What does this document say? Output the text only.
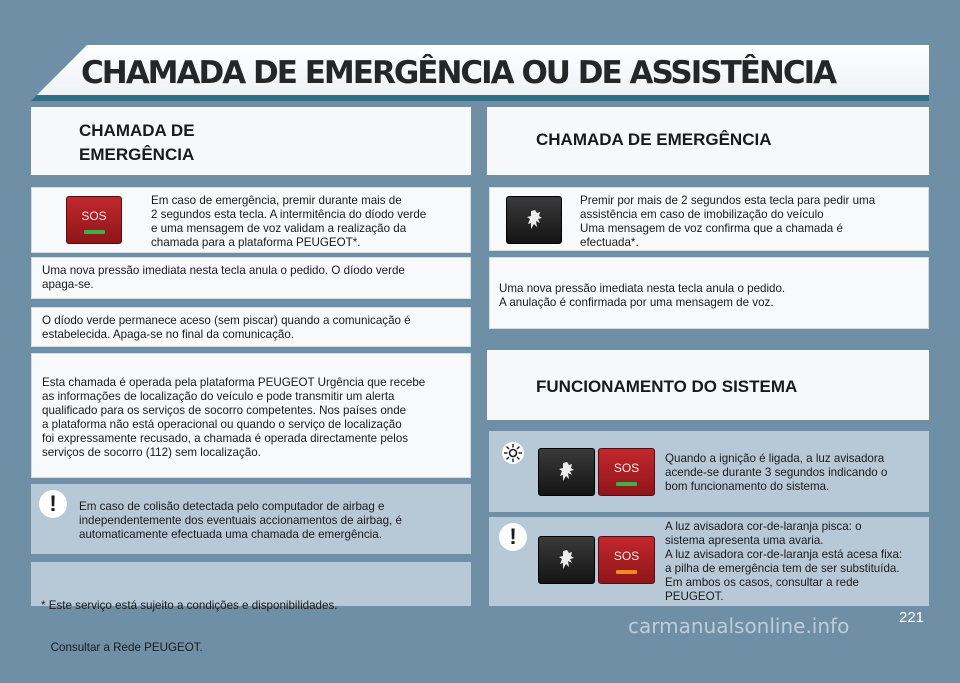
CHAMADA DE EMERGÊNCIA OU DE ASSISTÊNCIA
CHAMADA DE
EMERGÊNCIA
SOS
Em caso de emergência, premir durante mais de
2 segundos esta tecla. A intermitência do díodo verde
e uma mensagem de voz validam a realização da
chamada para a plataforma PEUGEOT*.
Uma nova pressão imediata nesta tecla anula o pedido. O díodo verde
apaga-se.
O díodo verde permanece aceso (sem piscar) quando a comunicação é
estabelecida. Apaga-se no final da comunicação.
Esta chamada é operada pela plataforma PEUGEOT Urgência que recebe
as informações de localização do veículo e pode transmitir um alerta
qualificado para os serviços de socorro competentes. Nos países onde
a plataforma não está operacional ou quando o serviço de localização
foi expressamente recusado, a chamada é operada directamente pelos
serviços de socorro (112) sem localização.
!	Em caso de colisão detectada pelo computador de airbag e
independentemente dos eventuais accionamentos de airbag, é
automaticamente efectuada uma chamada de emergência.

* Este serviço está sujeito a condições e disponibilidades.

Consultar a Rede PEUGEOT.

CHAMADA DE EMERGÊNCIA
Premir por mais de 2 segundos esta tecla para pedir uma
assistência em caso de imobilização do veículo
Uma mensagem de voz confirma que a chamada é
efectuada*.
Uma nova pressão imediata nesta tecla anula o pedido.
A anulação é confirmada por uma mensagem de voz.
FUNCIONAMENTO DO SISTEMA
SOS
Quando a ignição é ligada, a luz avisadora
acende-se durante 3 segundos indicando o
bom funcionamento do sistema.
!
SOS
A luz avisadora cor-de-laranja pisca: o
sistema apresenta uma avaria.
A luz avisadora cor-de-laranja está acesa fixa:
a pilha de emergência tem de ser substituída.
Em ambos os casos, consultar a rede
PEUGEOT.
221
carmanualsonline.info
